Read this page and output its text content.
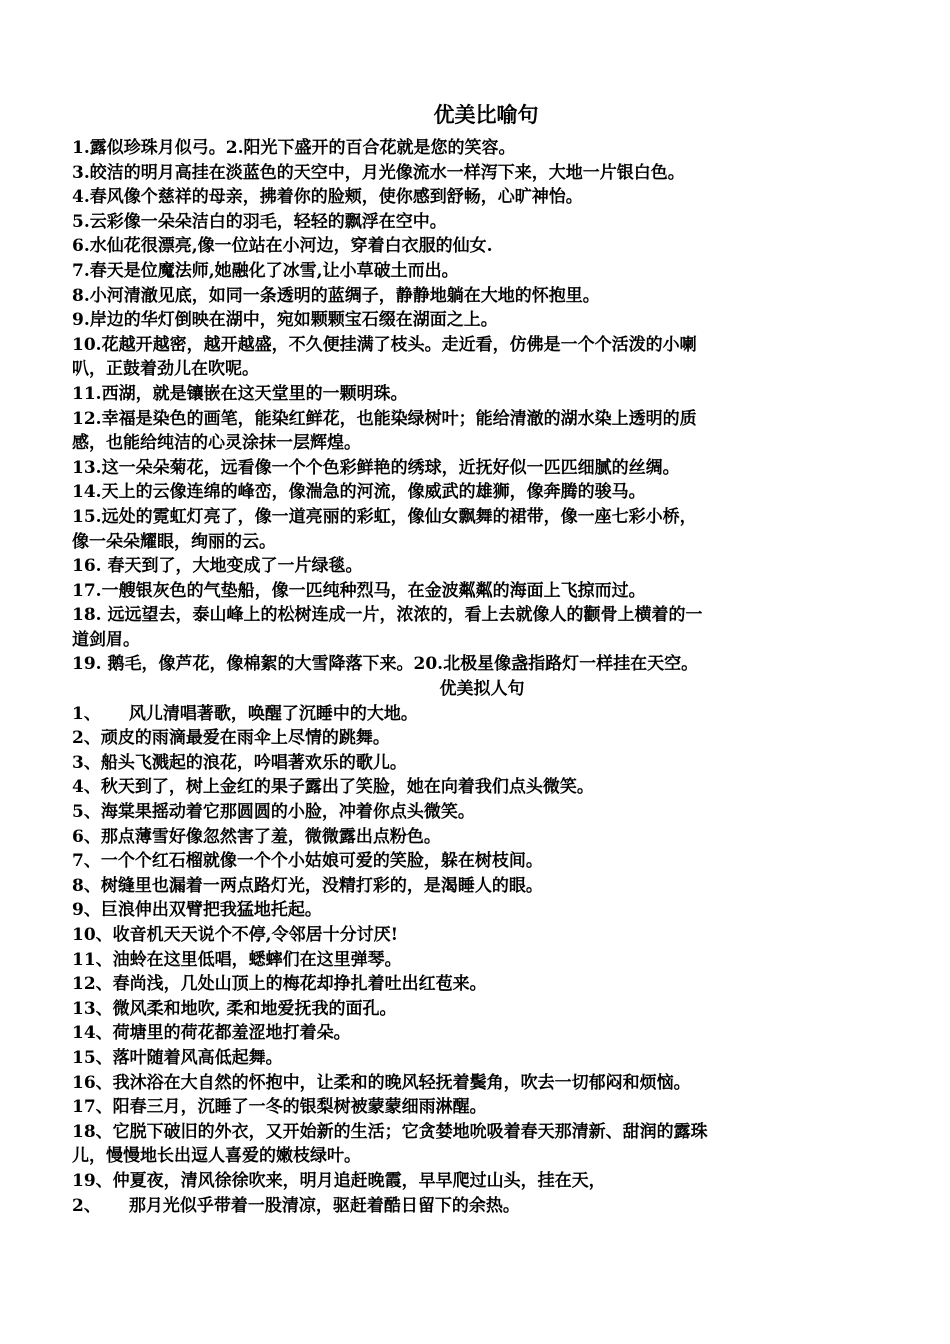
优美比喻句
1.露似珍珠月似弓。2.阳光下盛开的百合花就是您的笑容。
3.皎洁的明月高挂在淡蓝色的天空中，月光像流水一样泻下来，大地一片银白色。
4.春风像个慈祥的母亲，拂着你的脸颊，使你感到舒畅，心旷神怡。
5.云彩像一朵朵洁白的羽毛，轻轻的飘浮在空中。
6.水仙花很漂亮,像一位站在小河边，穿着白衣服的仙女.
7.春天是位魔法师,她融化了冰雪,让小草破土而出。
8.小河清澈见底，如同一条透明的蓝绸子，静静地躺在大地的怀抱里。
9.岸边的华灯倒映在湖中，宛如颗颗宝石缀在湖面之上。
10.花越开越密，越开越盛，不久便挂满了枝头。走近看，仿佛是一个个活泼的小喇
叭，正鼓着劲儿在吹呢。
11.西湖，就是镶嵌在这天堂里的一颗明珠。
12.幸福是染色的画笔，能染红鲜花，也能染绿树叶；能给清澈的湖水染上透明的质
感，也能给纯洁的心灵涂抹一层辉煌。
13.这一朵朵菊花，远看像一个个色彩鲜艳的绣球，近抚好似一匹匹细腻的丝绸。
14.天上的云像连绵的峰峦，像湍急的河流，像威武的雄狮，像奔腾的骏马。
15.远处的霓虹灯亮了，像一道亮丽的彩虹，像仙女飘舞的裙带，像一座七彩小桥，
像一朵朵耀眼，绚丽的云。
16. 春天到了，大地变成了一片绿毯。
17.一艘银灰色的气垫船，像一匹纯种烈马，在金波粼粼的海面上飞掠而过。
18. 远远望去，泰山峰上的松树连成一片，浓浓的，看上去就像人的颧骨上横着的一
道剑眉。
19. 鹅毛，像芦花，像棉絮的大雪降落下来。20.北极星像盏指路灯一样挂在天空。
优美拟人句
1、 风儿清唱著歌，唤醒了沉睡中的大地。
2、顽皮的雨滴最爱在雨伞上尽情的跳舞。
3、船头飞溅起的浪花，吟唱著欢乐的歌儿。
4、秋天到了，树上金红的果子露出了笑脸，她在向着我们点头微笑。
5、海棠果摇动着它那圆圆的小脸，冲着你点头微笑。
6、那点薄雪好像忽然害了羞，微微露出点粉色。
7、一个个红石榴就像一个个小姑娘可爱的笑脸，躲在树枝间。
8、树缝里也漏着一两点路灯光，没精打彩的，是渴睡人的眼。
9、巨浪伸出双臂把我猛地托起。
10、收音机天天说个不停,令邻居十分讨厌!
11、油蛉在这里低唱，蟋蟀们在这里弹琴。
12、春尚浅，几处山顶上的梅花却挣扎着吐出红苞来。
13、微风柔和地吹, 柔和地爱抚我的面孔。
14、荷塘里的荷花都羞涩地打着朵。
15、落叶随着风高低起舞。
16、我沐浴在大自然的怀抱中，让柔和的晚风轻抚着鬓角，吹去一切郁闷和烦恼。
17、阳春三月，沉睡了一冬的银梨树被蒙蒙细雨淋醒。
18、它脱下破旧的外衣，又开始新的生活；它贪婪地吮吸着春天那清新、甜润的露珠
儿，慢慢地长出逗人喜爱的嫩枝绿叶。
19、仲夏夜，清风徐徐吹来，明月追赶晚霞，早早爬过山头，挂在天，
2、 那月光似乎带着一股清凉，驱赶着酷日留下的余热。
